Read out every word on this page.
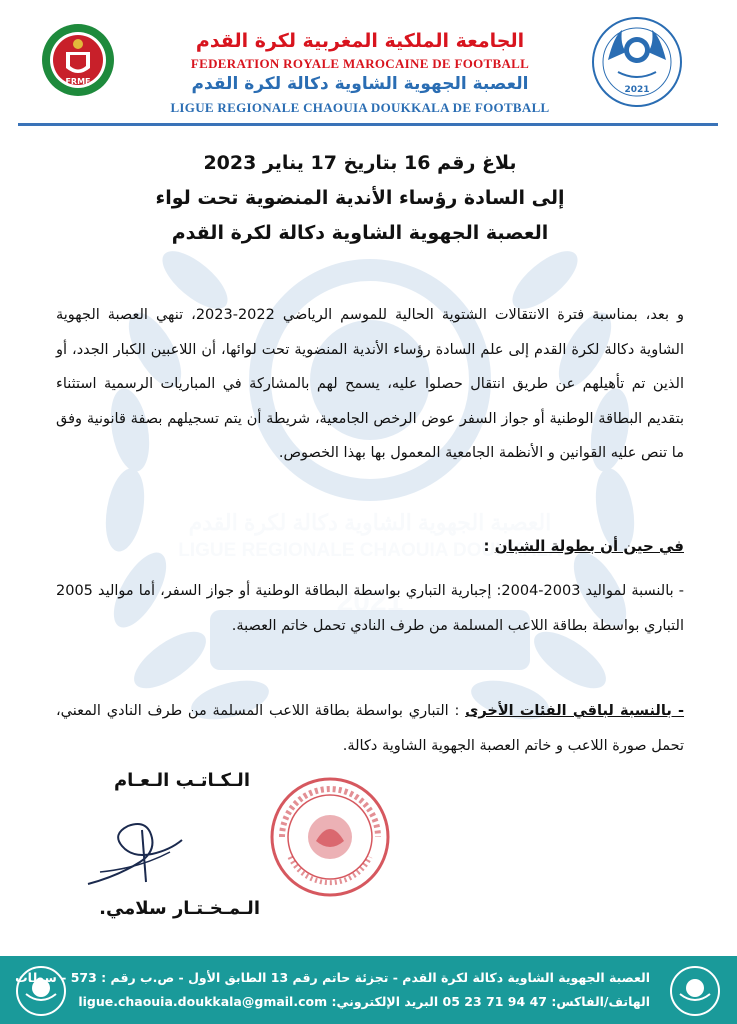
FRMF
الجامعة الملكية المغربية لكرة القدم
FEDERATION ROYALE MAROCAINE DE FOOTBALL
العصبة الجهوية الشاوية دكالة لكرة القدم
LIGUE REGIONALE CHAOUIA DOUKKALA DE FOOTBALL
2021
بلاغ رقم 16 بتاريخ 17 يناير 2023
إلى السادة رؤساء الأندية المنضوية تحت لواء
العصبة الجهوية الشاوية دكالة لكرة القدم
و بعد، بمناسبة فترة الانتقالات الشتوية الحالية للموسم الرياضي 2022-2023، تنهي العصبة الجهوية الشاوية دكالة لكرة القدم إلى علم السادة رؤساء الأندية المنضوية تحت لوائها، أن اللاعبين الكبار الجدد، أو الذين تم تأهيلهم عن طريق انتقال حصلوا عليه، يسمح لهم بالمشاركة في المباريات الرسمية استثناء بتقديم البطاقة الوطنية أو جواز السفر عوض الرخص الجامعية، شريطة أن يتم تسجيلهم بصفة قانونية وفق ما تنص عليه القوانين و الأنظمة الجامعية المعمول بها بهذا الخصوص.
في حين أن بطولة الشبان :
- بالنسبة لمواليد 2003-2004: إجبارية التباري بواسطة البطاقة الوطنية أو جواز السفر، أما مواليد 2005 التباري بواسطة بطاقة اللاعب المسلمة من طرف النادي تحمل خاتم العصبة.
- بالنسبة لباقي الفئات الأخرى : التباري بواسطة بطاقة اللاعب المسلمة من طرف النادي المعني، تحمل صورة اللاعب و خاتم العصبة الجهوية الشاوية دكالة.
الـكـاتـب الـعـام
الـمـخـتـار سلامي.
العصبة الجهوية الشاوية دكالة لكرة القدم - تجزئة حاتم رقم 13 الطابق الأول - ص.ب رقم : 573 - سطات
الهاتف/الفاكس: 47 94 71 23 05 البريد الإلكتروني: ligue.chaouia.doukkala@gmail.com
